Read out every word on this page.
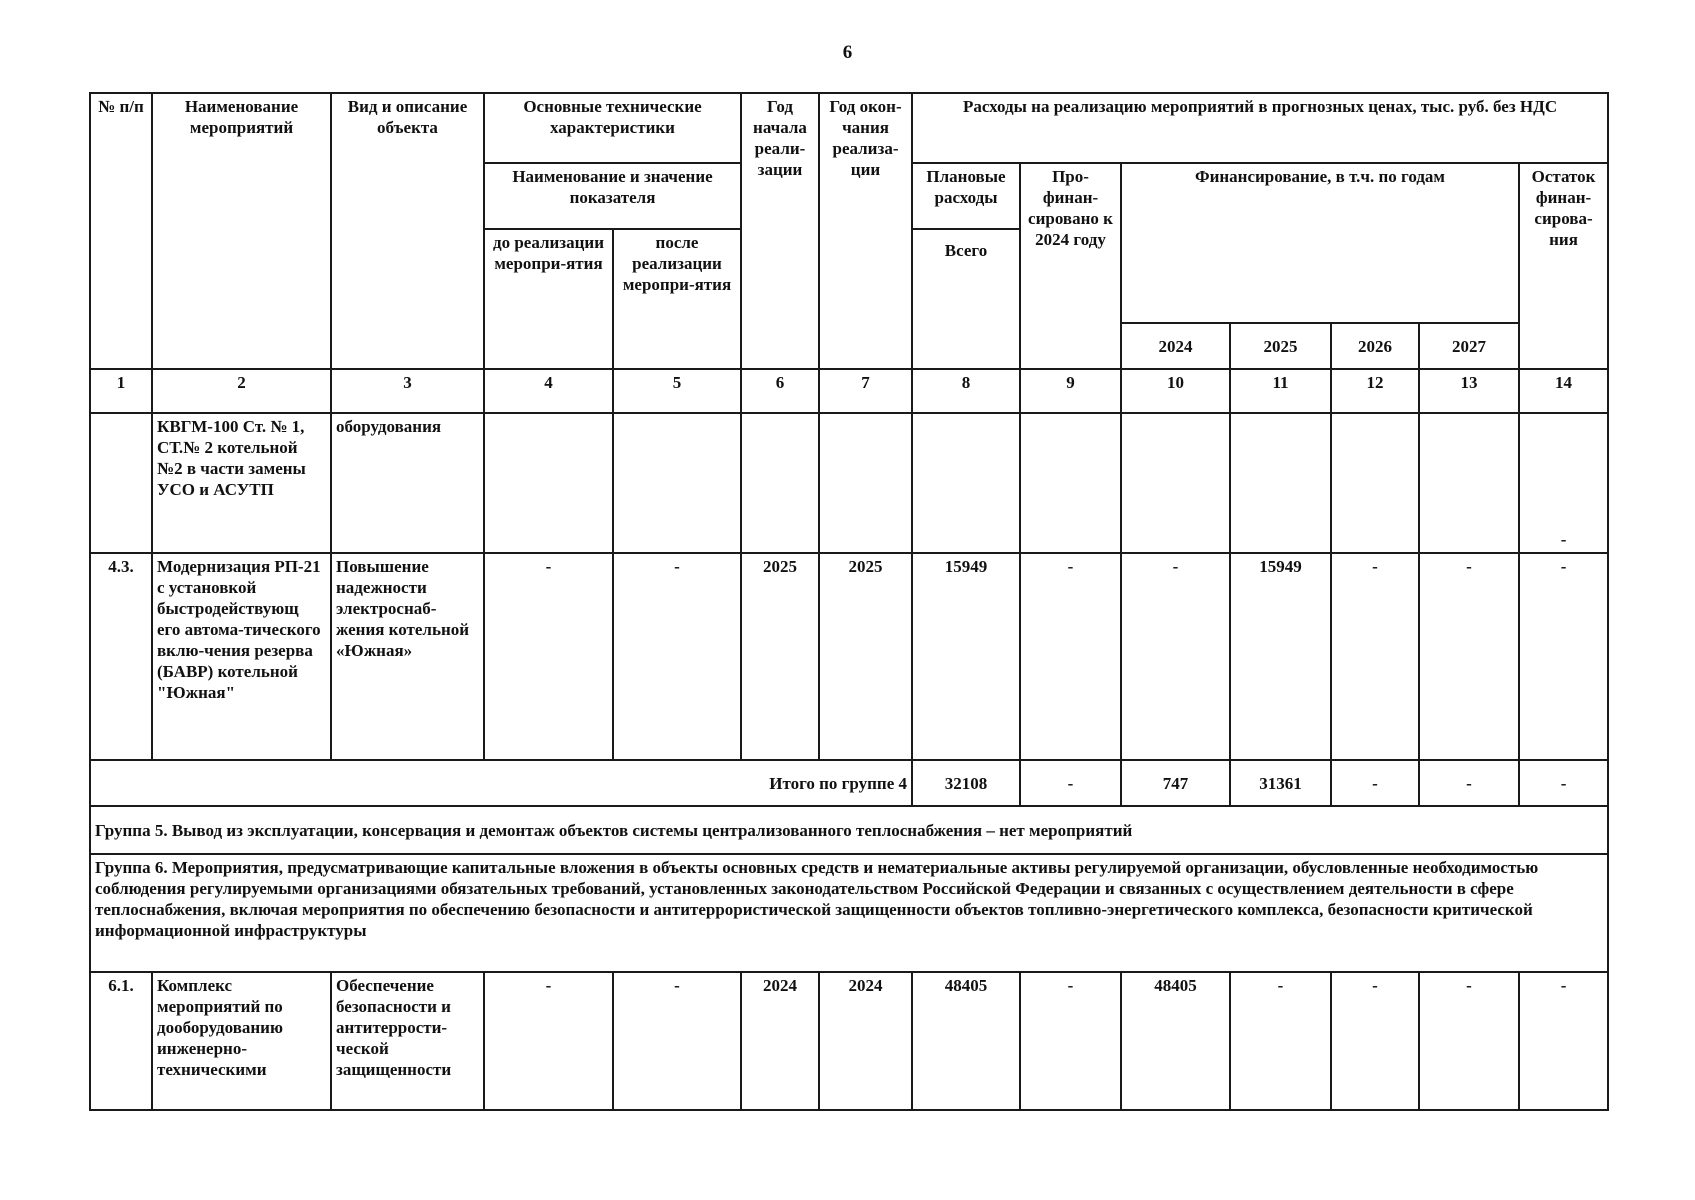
6
№ п/п	Наименование мероприятий	Вид и описание объекта	Основные технические характеристики		Год начала реали-зации	Год окон-чания реализа-ции	Расходы на реализацию мероприятий в прогнозных ценах, тыс. руб. без НДС						
			Наименование и значение показателя				Плановые расходы	Про-финан-сировано к 2024 году	Финансирование, в т.ч. по годам				Остаток финан-сирова-ния
			до реализации меропри-ятия	после реализации меропри-ятия			Всего						
									2024	2025	2026	2027	
1	2	3	4	5	6	7	8	9	10	11	12	13	14
	КВГМ-100 Ст. № 1, СТ.№ 2 котельной №2 в части замены УСО и АСУТП	оборудования											-
4.3.	Модернизация РП-21 с установкой быстродействующ его автома-тического вклю-чения резерва (БАВР) котельной "Южная"	Повышение надежности электроснаб-жения котельной «Южная»	-	-	2025	2025	15949	-	-	15949	-	-	-
Итого по группе 4							32108	-	747	31361	-	-	-
Группа 5. Вывод из эксплуатации, консервация и демонтаж объектов системы централизованного теплоснабжения – нет мероприятий													
Группа 6. Мероприятия, предусматривающие капитальные вложения в объекты основных средств и нематериальные активы регулируемой организации, обусловленные необходимостью соблюдения регулируемыми организациями обязательных требований, установленных законодательством Российской Федерации и связанных с осуществлением деятельности в сфере теплоснабжения, включая мероприятия по обеспечению безопасности и антитеррористической защищенности объектов топливно-энергетического комплекса, безопасности критической информационной инфраструктуры													
6.1.	Комплекс мероприятий по дооборудованию инженерно-техническими	Обеспечение безопасности и антитеррости-ческой защищенности	-	-	2024	2024	48405	-	48405	-	-	-	-
